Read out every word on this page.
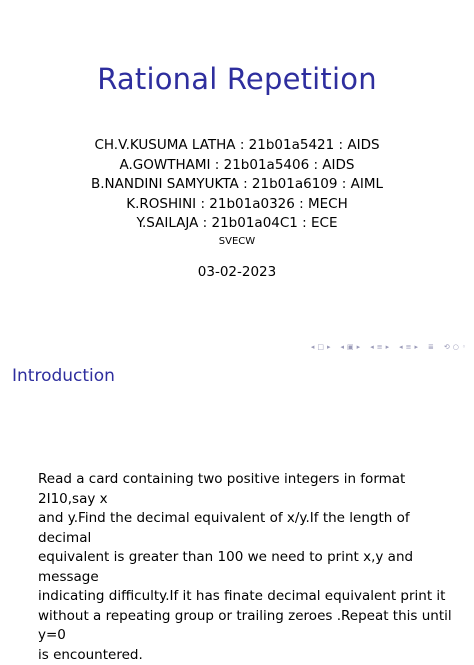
Rational Repetition
CH.V.KUSUMA LATHA : 21b01a5421 : AIDS
A.GOWTHAMI : 21b01a5406 : AIDS
B.NANDINI SAMYUKTA : 21b01a6109 : AIML
K.ROSHINI : 21b01a0326 : MECH
Y.SAILAJA : 21b01a04C1 : ECE
SVECW
03-02-2023
◂ □ ▸ ◂ ▣ ▸ ◂ ≡ ▸ ◂ ≡ ▸ ≣ ⟲ ○ ◦
Introduction
Read a card containing two positive integers in format 2I10,say x
and y.Find the decimal equivalent of x/y.If the length of decimal
equivalent is greater than 100 we need to print x,y and message
indicating difficulty.If it has finate decimal equivalent print it
without a repeating group or trailing zeroes .Repeat this until y=0
is encountered.
